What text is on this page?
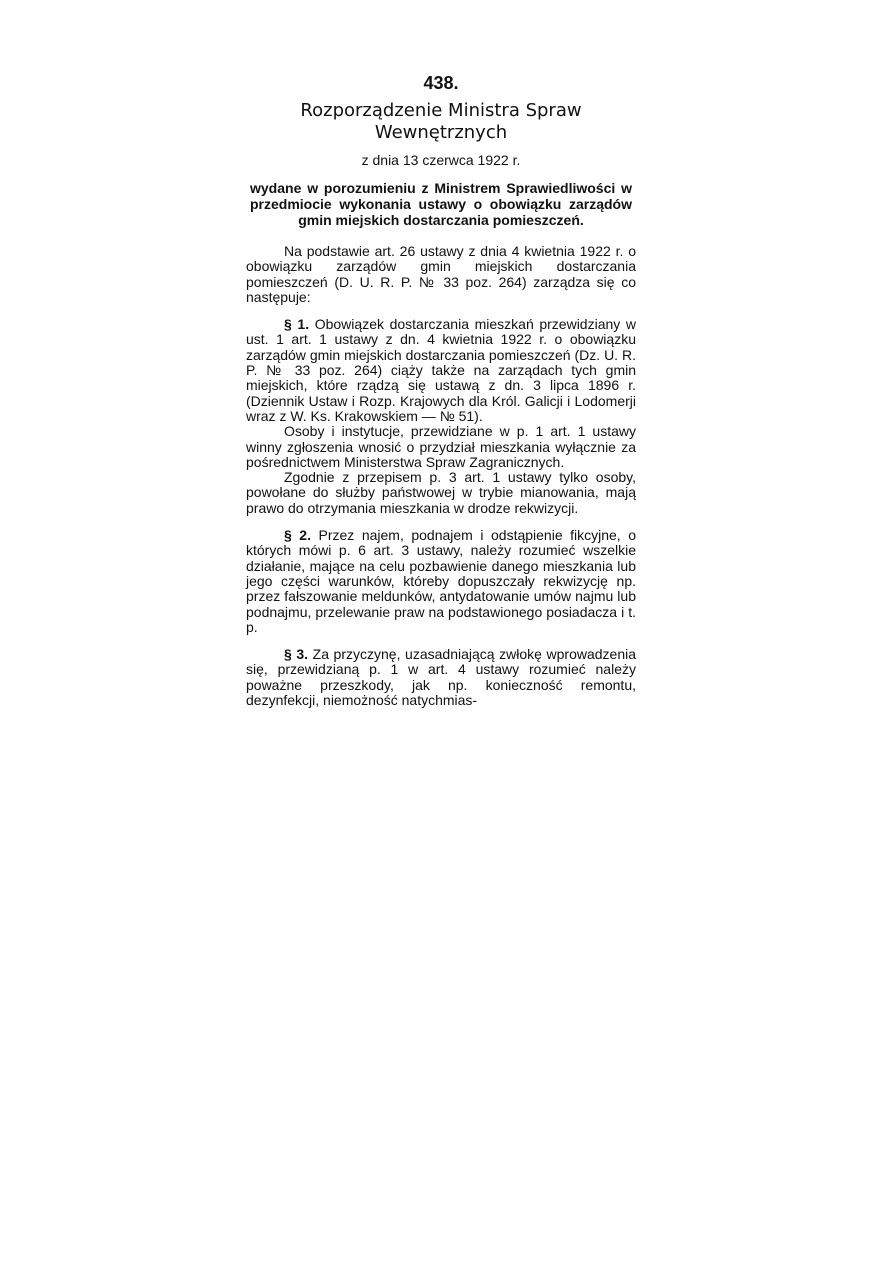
438.

Rozporządzenie Ministra Spraw Wewnętrznych

z dnia 13 czerwca 1922 r.

wydane w porozumieniu z Ministrem Sprawiedliwości w przedmiocie wykonania ustawy o obowiązku zarządów gmin miejskich dostarczania pomieszczeń.

Na podstawie art. 26 ustawy z dnia 4 kwietnia 1922 r. o obowiązku zarządów gmin miejskich dostarczania pomieszczeń (D. U. R. P. № 33 poz. 264) zarządza się co następuje:

§ 1. Obowiązek dostarczania mieszkań przewidziany w ust. 1 art. 1 ustawy z dn. 4 kwietnia 1922 r. o obowiązku zarządów gmin miejskich dostarczania pomieszczeń (Dz. U. R. P. № 33 poz. 264) ciąży także na zarządach tych gmin miejskich, które rządzą się ustawą z dn. 3 lipca 1896 r. (Dziennik Ustaw i Rozp. Krajowych dla Król. Galicji i Lodomerji wraz z W. Ks. Krakowskiem — № 51).

Osoby i instytucje, przewidziane w p. 1 art. 1 ustawy winny zgłoszenia wnosić o przydział mieszkania wyłącznie za pośrednictwem Ministerstwa Spraw Zagranicznych.

Zgodnie z przepisem p. 3 art. 1 ustawy tylko osoby, powołane do służby państwowej w trybie mianowania, mają prawo do otrzymania mieszkania w drodze rekwizycji.

§ 2. Przez najem, podnajem i odstąpienie fikcyjne, o których mówi p. 6 art. 3 ustawy, należy rozumieć wszelkie działanie, mające na celu pozbawienie danego mieszkania lub jego części warunków, któreby dopuszczały rekwizycję np. przez fałszowanie meldunków, antydatowanie umów najmu lub podnajmu, przelewanie praw na podstawionego posiadacza i t. p.

§ 3. Za przyczynę, uzasadniającą zwłokę wprowadzenia się, przewidzianą p. 1 w art. 4 ustawy rozumieć należy poważne przeszkody, jak np. konieczność remontu, dezynfekcji, niemożność natychmias-
